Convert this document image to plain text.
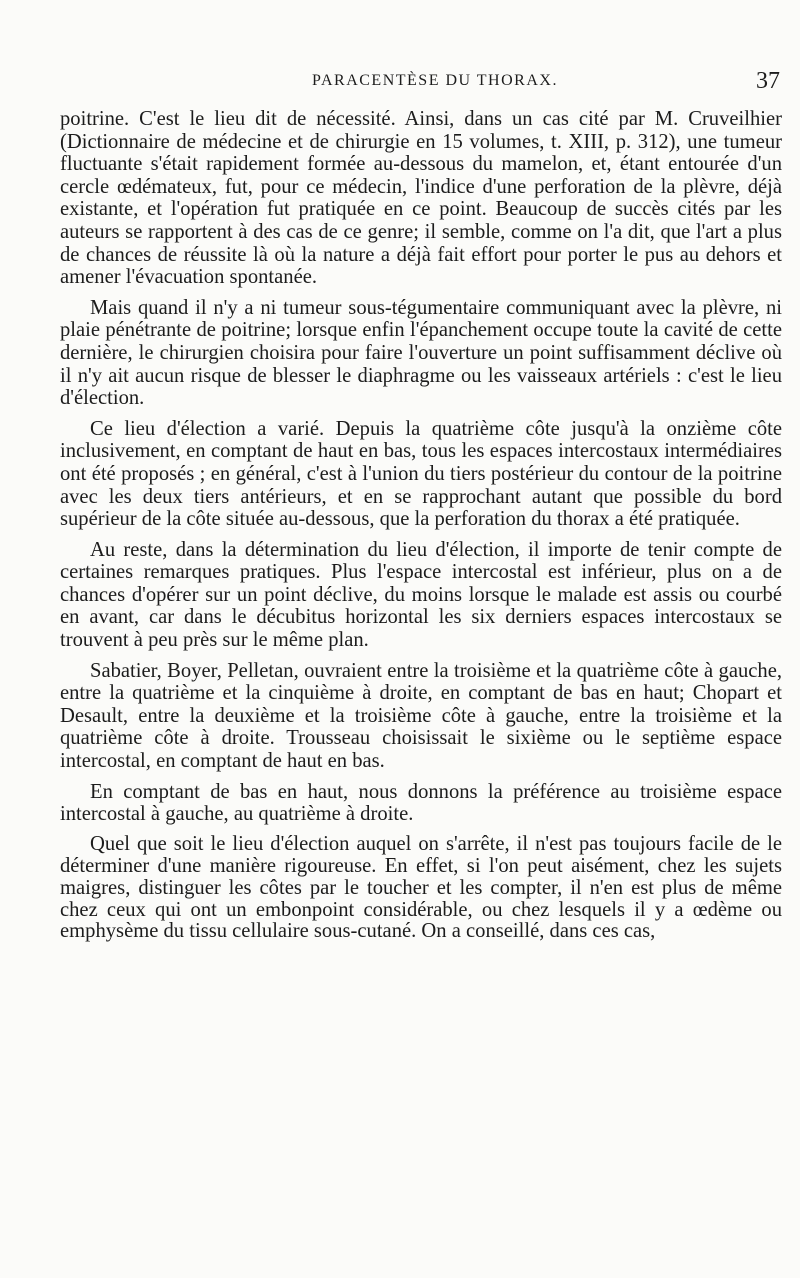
PARACENTÈSE DU THORAX.	37

poitrine. C'est le lieu dit de nécessité. Ainsi, dans un cas cité par M. Cruveilhier (Dictionnaire de médecine et de chirurgie en 15 volumes, t. XIII, p. 312), une tumeur fluctuante s'était rapidement formée au-dessous du mamelon, et, étant entourée d'un cercle œdémateux, fut, pour ce médecin, l'indice d'une perforation de la plèvre, déjà existante, et l'opération fut pratiquée en ce point. Beaucoup de succès cités par les auteurs se rapportent à des cas de ce genre; il semble, comme on l'a dit, que l'art a plus de chances de réussite là où la nature a déjà fait effort pour porter le pus au dehors et amener l'évacuation spontanée.

Mais quand il n'y a ni tumeur sous-tégumentaire communiquant avec la plèvre, ni plaie pénétrante de poitrine; lorsque enfin l'épanchement occupe toute la cavité de cette dernière, le chirurgien choisira pour faire l'ouverture un point suffisamment déclive où il n'y ait aucun risque de blesser le diaphragme ou les vaisseaux artériels : c'est le lieu d'élection.

Ce lieu d'élection a varié. Depuis la quatrième côte jusqu'à la onzième côte inclusivement, en comptant de haut en bas, tous les espaces intercostaux intermédiaires ont été proposés ; en général, c'est à l'union du tiers postérieur du contour de la poitrine avec les deux tiers antérieurs, et en se rapprochant autant que possible du bord supérieur de la côte située au-dessous, que la perforation du thorax a été pratiquée.

Au reste, dans la détermination du lieu d'élection, il importe de tenir compte de certaines remarques pratiques. Plus l'espace intercostal est inférieur, plus on a de chances d'opérer sur un point déclive, du moins lorsque le malade est assis ou courbé en avant, car dans le décubitus horizontal les six derniers espaces intercostaux se trouvent à peu près sur le même plan.

Sabatier, Boyer, Pelletan, ouvraient entre la troisième et la quatrième côte à gauche, entre la quatrième et la cinquième à droite, en comptant de bas en haut; Chopart et Desault, entre la deuxième et la troisième côte à gauche, entre la troisième et la quatrième côte à droite. Trousseau choisissait le sixième ou le septième espace intercostal, en comptant de haut en bas.

En comptant de bas en haut, nous donnons la préférence au troisième espace intercostal à gauche, au quatrième à droite.

Quel que soit le lieu d'élection auquel on s'arrête, il n'est pas toujours facile de le déterminer d'une manière rigoureuse. En effet, si l'on peut aisément, chez les sujets maigres, distinguer les côtes par le toucher et les compter, il n'en est plus de même chez ceux qui ont un embonpoint considérable, ou chez lesquels il y a œdème ou emphysème du tissu cellulaire sous-cutané. On a conseillé, dans ces cas,
